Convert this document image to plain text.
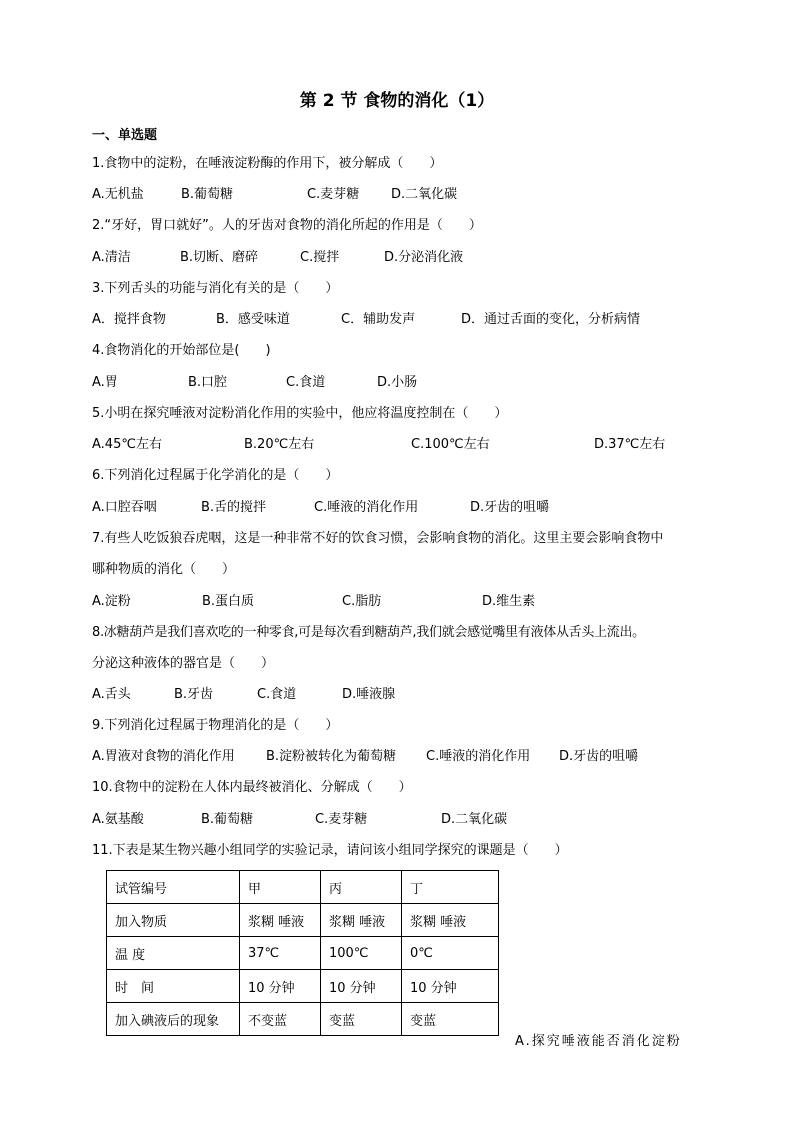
第 2 节 食物的消化（1）
一、单选题
1.食物中的淀粉，在唾液淀粉酶的作用下，被分解成（　　）
A.无机盐	B.葡萄糖	C.麦芽糖 D.二氧化碳
2.“牙好，胃口就好”。人的牙齿对食物的消化所起的作用是（　　）
A.清洁	B.切断、磨碎	C.搅拌	D.分泌消化液
3.下列舌头的功能与消化有关的是（　　）
A．搅拌食物	B．感受味道	C．辅助发声	D．通过舌面的变化，分析病情
4.食物消化的开始部位是(　　)
A.胃	B.口腔	C.食道	D.小肠
5.小明在探究唾液对淀粉消化作用的实验中，他应将温度控制在（　　）
A.45℃左右	B.20℃左右	C.100℃左右	D.37℃左右
6.下列消化过程属于化学消化的是（　　）
A.口腔吞咽	B.舌的搅拌	C.唾液的消化作用	D.牙齿的咀嚼
7.有些人吃饭狼吞虎咽，这是一种非常不好的饮食习惯，会影响食物的消化。这里主要会影响食物中
哪种物质的消化（　　）
A.淀粉	B.蛋白质	C.脂肪	D.维生素
8.冰糖葫芦是我们喜欢吃的一种零食,可是每次看到糖葫芦,我们就会感觉嘴里有液体从舌头上流出。
分泌这种液体的器官是（　　）
A.舌头	B.牙齿	C.食道	D.唾液腺
9.下列消化过程属于物理消化的是（　　）
A.胃液对食物的消化作用 B.淀粉被转化为葡萄糖 C.唾液的消化作用 D.牙齿的咀嚼
10.食物中的淀粉在人体内最终被消化、分解成（　　）
A.氨基酸	B.葡萄糖	C.麦芽糖	D.二氧化碳
11.下表是某生物兴趣小组同学的实验记录，请问该小组同学探究的课题是（　　）
试管编号	甲	丙	丁
加入物质	浆糊 唾液	浆糊 唾液	浆糊 唾液
温 度	37℃	100℃	0℃
时　间	10 分钟	10 分钟	10 分钟
加入碘液后的现象	不变蓝	变蓝	变蓝
A.探究唾液能否消化淀粉
